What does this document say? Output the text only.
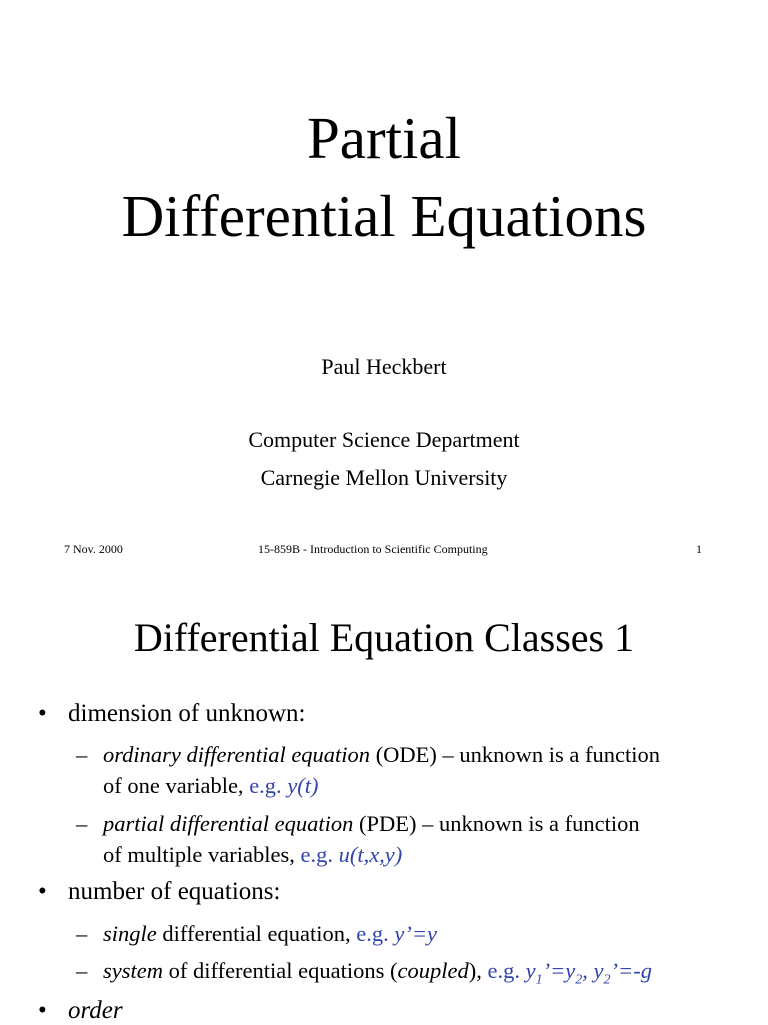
Partial
Differential Equations
Paul Heckbert
Computer Science Department
Carnegie Mellon University
7 Nov. 2000	15-859B - Introduction to Scientific Computing	1
Differential Equation Classes 1
• dimension of unknown:
– ordinary differential equation (ODE) – unknown is a function
of one variable, e.g. y(t)
– partial differential equation (PDE) – unknown is a function
of multiple variables, e.g. u(t,x,y)
• number of equations:
– single differential equation, e.g. y’=y
– system of differential equations (coupled), e.g. $y_1’=y_2$, $y_2’=-g$
• order
